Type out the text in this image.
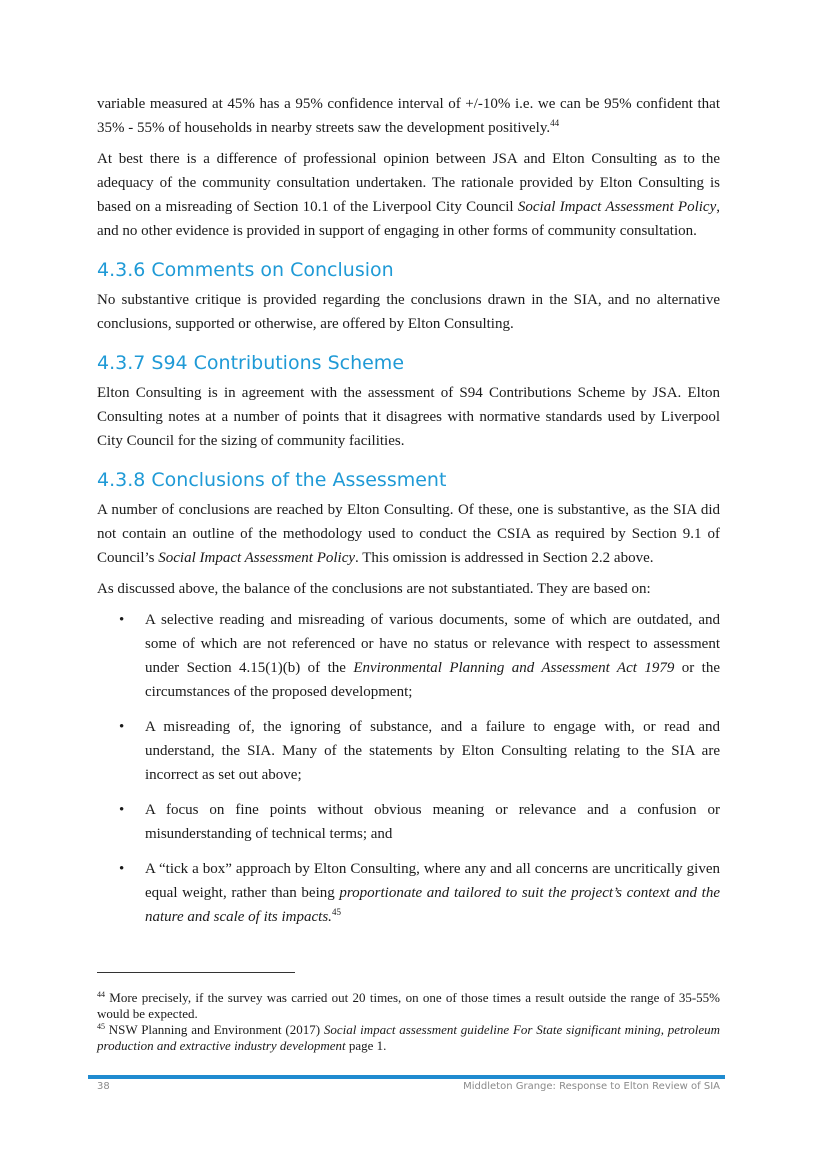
variable measured at 45% has a 95% confidence interval of +/-10% i.e. we can be 95% confident that 35% - 55% of households in nearby streets saw the development positively.$^{44}$

At best there is a difference of professional opinion between JSA and Elton Consulting as to the adequacy of the community consultation undertaken. The rationale provided by Elton Consulting is based on a misreading of Section 10.1 of the Liverpool City Council Social Impact Assessment Policy, and no other evidence is provided in support of engaging in other forms of community consultation.

4.3.6 Comments on Conclusion

No substantive critique is provided regarding the conclusions drawn in the SIA, and no alternative conclusions, supported or otherwise, are offered by Elton Consulting.

4.3.7 S94 Contributions Scheme

Elton Consulting is in agreement with the assessment of S94 Contributions Scheme by JSA. Elton Consulting notes at a number of points that it disagrees with normative standards used by Liverpool City Council for the sizing of community facilities.

4.3.8 Conclusions of the Assessment

A number of conclusions are reached by Elton Consulting. Of these, one is substantive, as the SIA did not contain an outline of the methodology used to conduct the CSIA as required by Section 9.1 of Council’s Social Impact Assessment Policy. This omission is addressed in Section 2.2 above.

As discussed above, the balance of the conclusions are not substantiated. They are based on:

• A selective reading and misreading of various documents, some of which are outdated, and some of which are not referenced or have no status or relevance with respect to assessment under Section 4.15(1)(b) of the Environmental Planning and Assessment Act 1979 or the circumstances of the proposed development;
• A misreading of, the ignoring of substance, and a failure to engage with, or read and understand, the SIA. Many of the statements by Elton Consulting relating to the SIA are incorrect as set out above;
• A focus on fine points without obvious meaning or relevance and a confusion or misunderstanding of technical terms; and
• A “tick a box” approach by Elton Consulting, where any and all concerns are uncritically given equal weight, rather than being proportionate and tailored to suit the project’s context and the nature and scale of its impacts.$^{45}$

$^{44}$ More precisely, if the survey was carried out 20 times, on one of those times a result outside the range of 35-55% would be expected.

$^{45}$ NSW Planning and Environment (2017) Social impact assessment guideline For State significant mining, petroleum production and extractive industry development page 1.

38	Middleton Grange: Response to Elton Review of SIA
